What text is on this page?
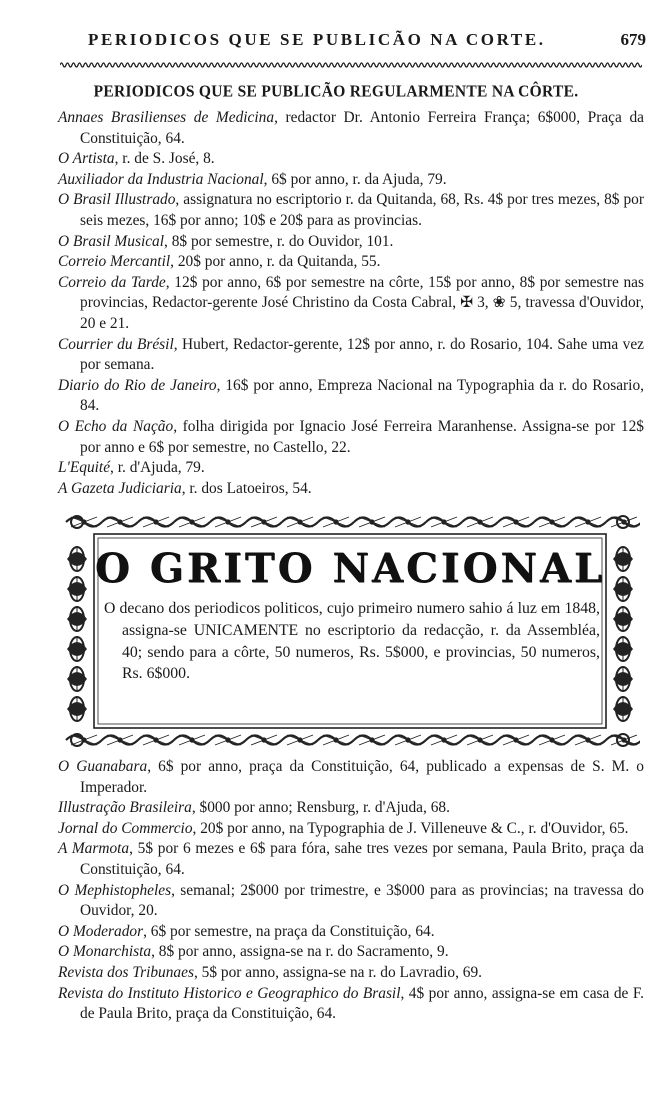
PERIODICOS QUE SE PUBLICÃO NA CORTE.	679
PERIODICOS QUE SE PUBLICÃO REGULARMENTE NA CÔRTE.
Annaes Brasilienses de Medicina, redactor Dr. Antonio Ferreira França; 6$000, Praça da Constituição, 64.
O Artista, r. de S. José, 8.
Auxiliador da Industria Nacional, 6$ por anno, r. da Ajuda, 79.
O Brasil Illustrado, assignatura no escriptorio r. da Quitanda, 68, Rs. 4$ por tres mezes, 8$ por seis mezes, 16$ por anno; 10$ e 20$ para as provincias.
O Brasil Musical, 8$ por semestre, r. do Ouvidor, 101.
Correio Mercantil, 20$ por anno, r. da Quitanda, 55.
Correio da Tarde, 12$ por anno, 6$ por semestre na côrte, 15$ por anno, 8$ por semestre nas provincias, Redactor-gerente José Christino da Costa Cabral, ✠ 3, ❀ 5, travessa d'Ouvidor, 20 e 21.
Courrier du Brésil, Hubert, Redactor-gerente, 12$ por anno, r. do Rosario, 104. Sahe uma vez por semana.
Diario do Rio de Janeiro, 16$ por anno, Empreza Nacional na Typographia da r. do Rosario, 84.
O Echo da Nação, folha dirigida por Ignacio José Ferreira Maranhense. Assigna-se por 12$ por anno e 6$ por semestre, no Castello, 22.
L'Equité, r. d'Ajuda, 79.
A Gazeta Judiciaria, r. dos Latoeiros, 54.
O GRITO NACIONAL

O decano dos periodicos politicos, cujo primeiro numero sahio á luz em 1848, assigna-se UNICAMENTE no escriptorio da redacção, r. da Assembléa, 40; sendo para a côrte, 50 numeros, Rs. 5$000, e provincias, 50 numeros, Rs. 6$000.

O Guanabara, 6$ por anno, praça da Constituição, 64, publicado a expensas de S. M. o Imperador.
Illustração Brasileira, $000 por anno; Rensburg, r. d'Ajuda, 68.
Jornal do Commercio, 20$ por anno, na Typographia de J. Villeneuve & C., r. d'Ouvidor, 65.
A Marmota, 5$ por 6 mezes e 6$ para fóra, sahe tres vezes por semana, Paula Brito, praça da Constituição, 64.
O Mephistopheles, semanal; 2$000 por trimestre, e 3$000 para as provincias; na travessa do Ouvidor, 20.
O Moderador, 6$ por semestre, na praça da Constituição, 64.
O Monarchista, 8$ por anno, assigna-se na r. do Sacramento, 9.
Revista dos Tribunaes, 5$ por anno, assigna-se na r. do Lavradio, 69.
Revista do Instituto Historico e Geographico do Brasil, 4$ por anno, assigna-se em casa de F. de Paula Brito, praça da Constituição, 64.
